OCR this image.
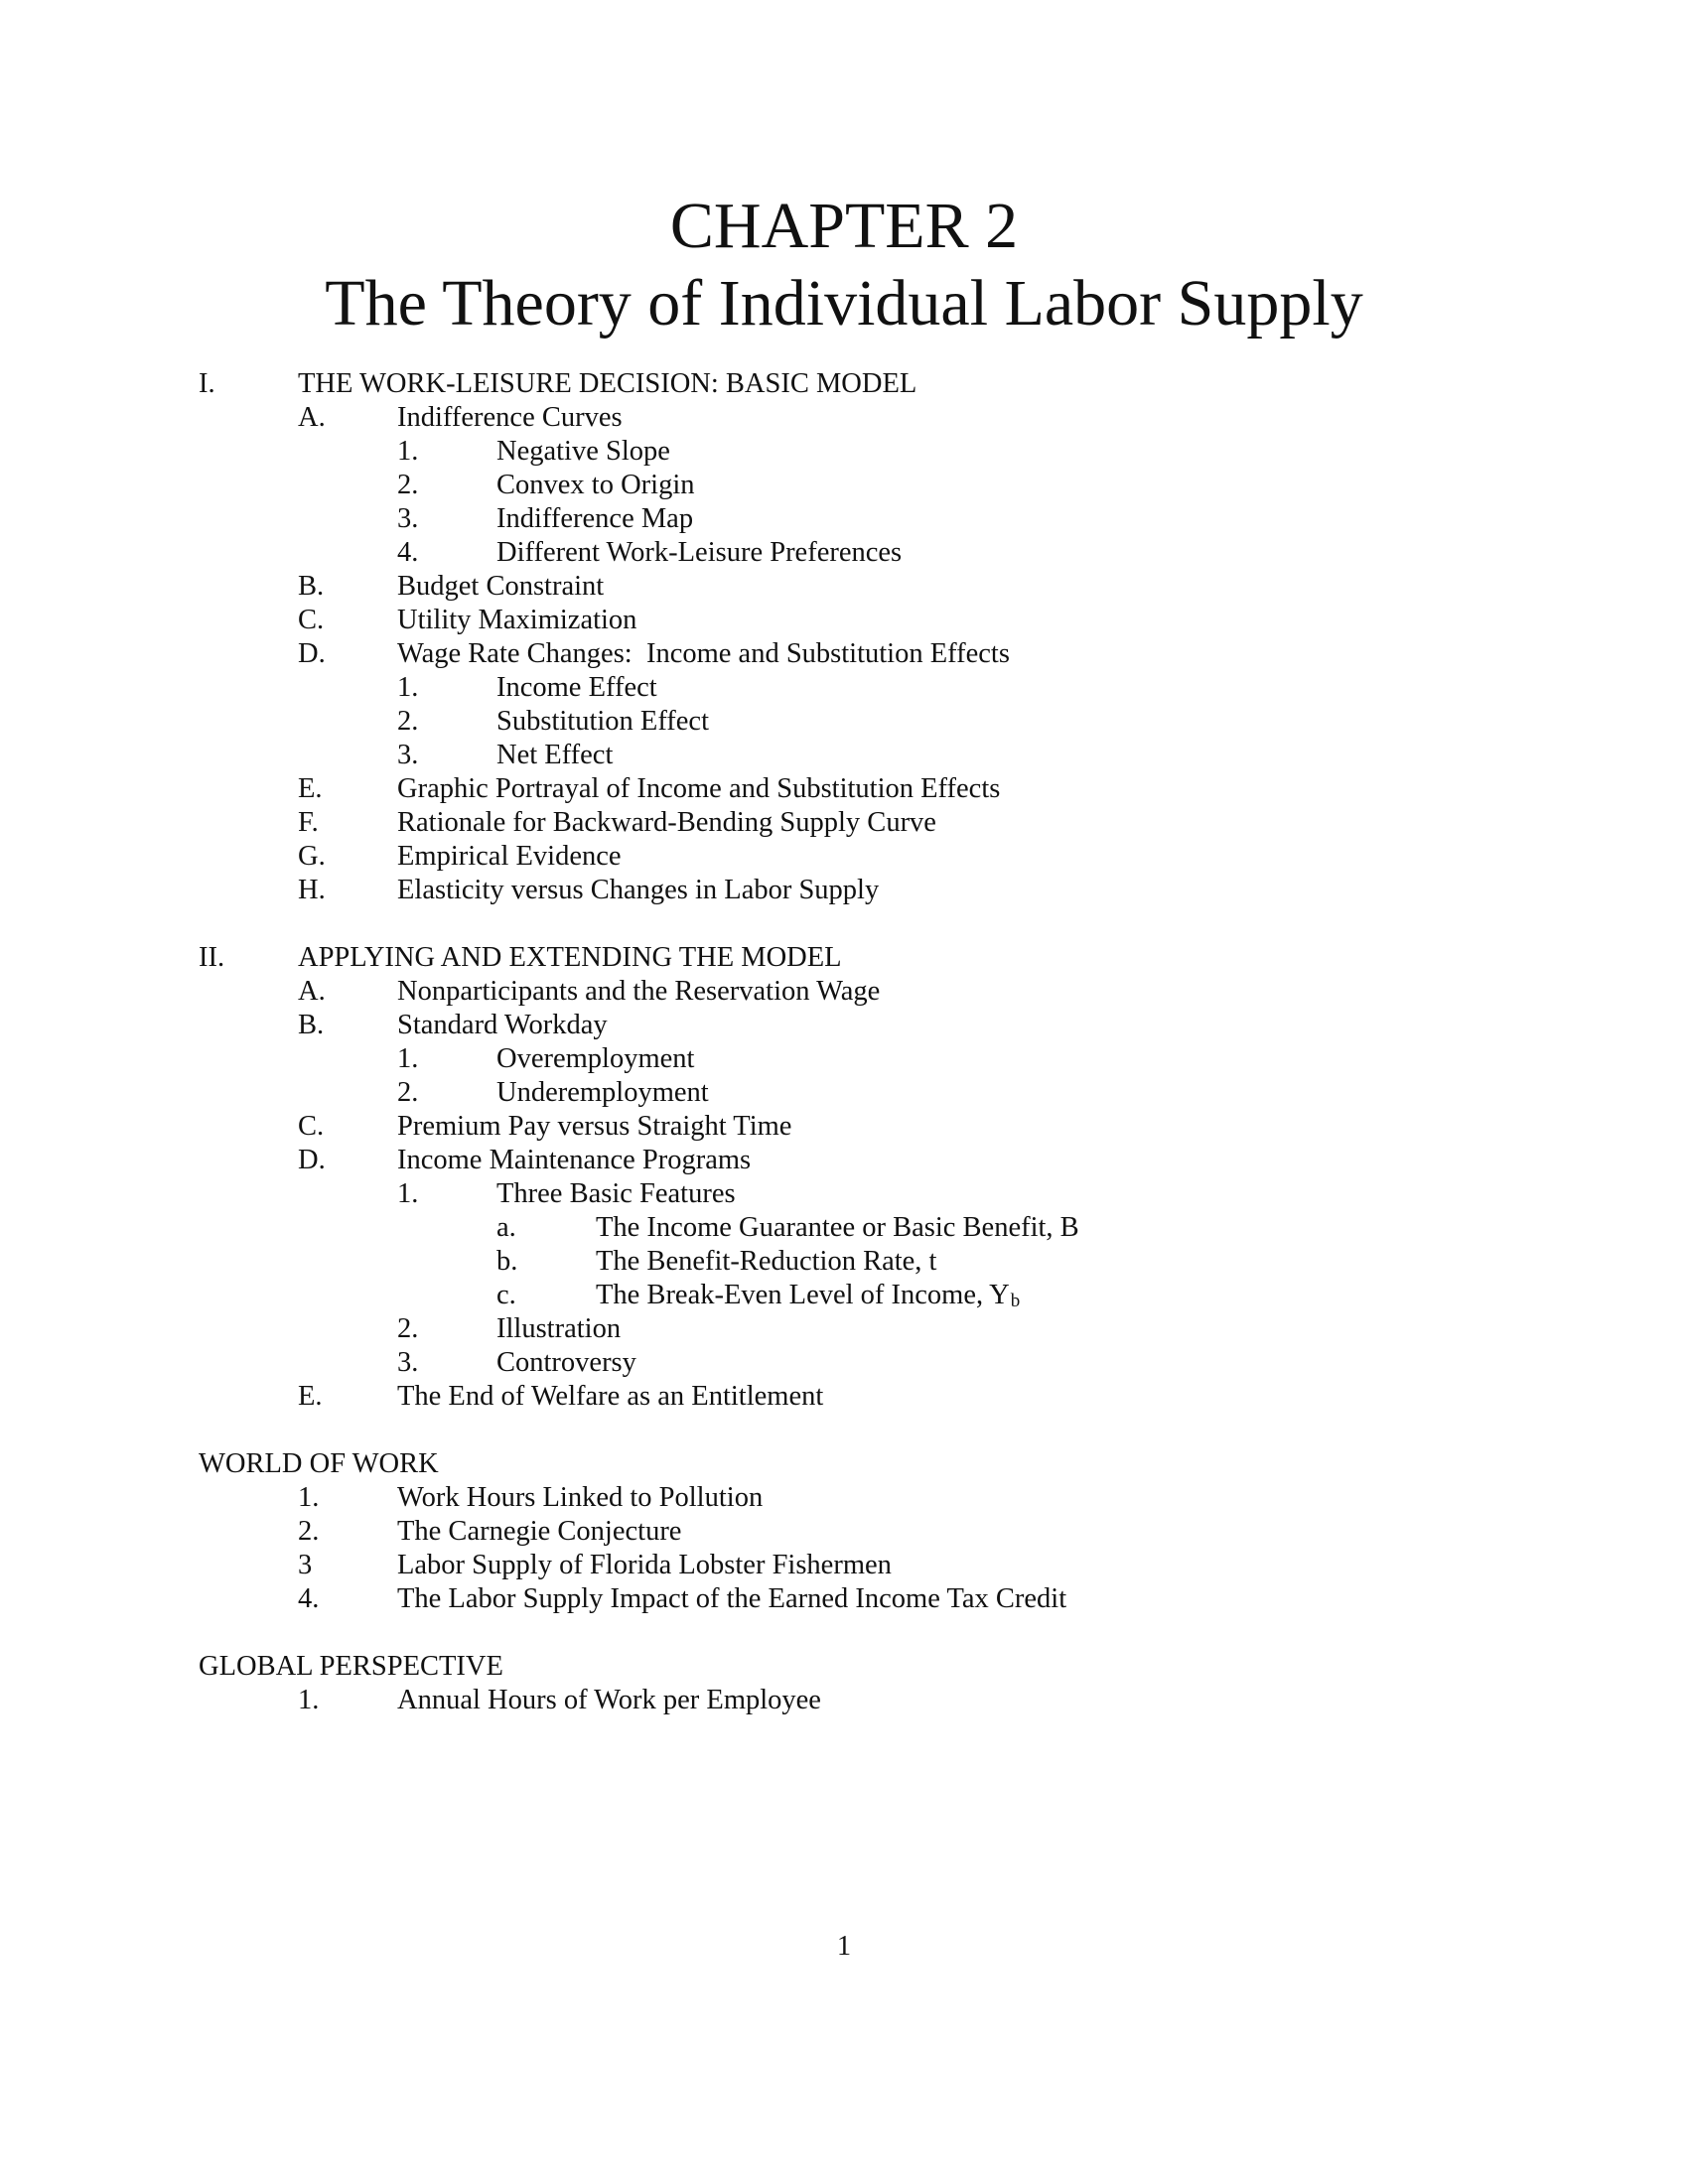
CHAPTER 2
The Theory of Individual Labor Supply
I.	THE WORK-LEISURE DECISION: BASIC MODEL
A.	Indifference Curves
1.	Negative Slope
2.	Convex to Origin
3.	Indifference Map
4.	Different Work-Leisure Preferences
B.	Budget Constraint
C.	Utility Maximization
D.	Wage Rate Changes:  Income and Substitution Effects
1.	Income Effect
2.	Substitution Effect
3.	Net Effect
E.	Graphic Portrayal of Income and Substitution Effects
F.	Rationale for Backward-Bending Supply Curve
G.	Empirical Evidence
H.	Elasticity versus Changes in Labor Supply
II.	APPLYING AND EXTENDING THE MODEL
A.	Nonparticipants and the Reservation Wage
B.	Standard Workday
1.	Overemployment
2.	Underemployment
C.	Premium Pay versus Straight Time
D.	Income Maintenance Programs
1.	Three Basic Features
a.	The Income Guarantee or Basic Benefit, B
b.	The Benefit-Reduction Rate, t
c.	The Break-Even Level of Income, Yb
2.	Illustration
3.	Controversy
E.	The End of Welfare as an Entitlement
WORLD OF WORK
1.	Work Hours Linked to Pollution
2.	The Carnegie Conjecture
3	Labor Supply of Florida Lobster Fishermen
4.	The Labor Supply Impact of the Earned Income Tax Credit
GLOBAL PERSPECTIVE
1.	Annual Hours of Work per Employee
1
